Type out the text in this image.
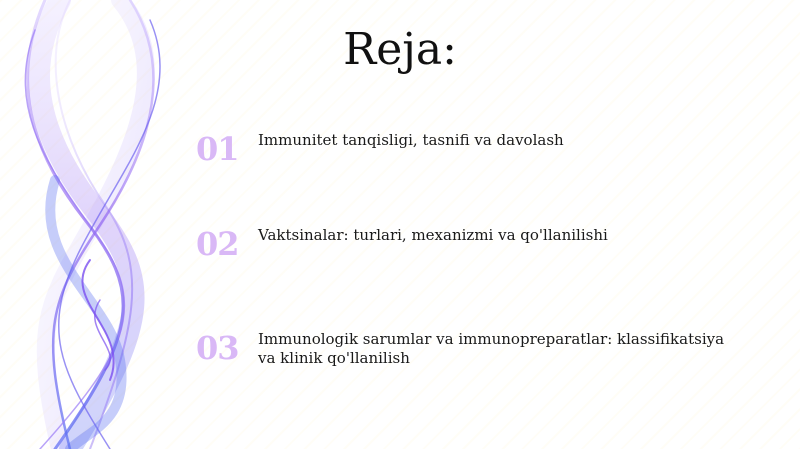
Reja:
01	Immunitet tanqisligi, tasnifi va davolash
02	Vaktsinalar: turlari, mexanizmi va qo'llanilishi
03	Immunologik sarumlar va immunopreparatlar: klassifikatsiya va klinik qo'llanilish
